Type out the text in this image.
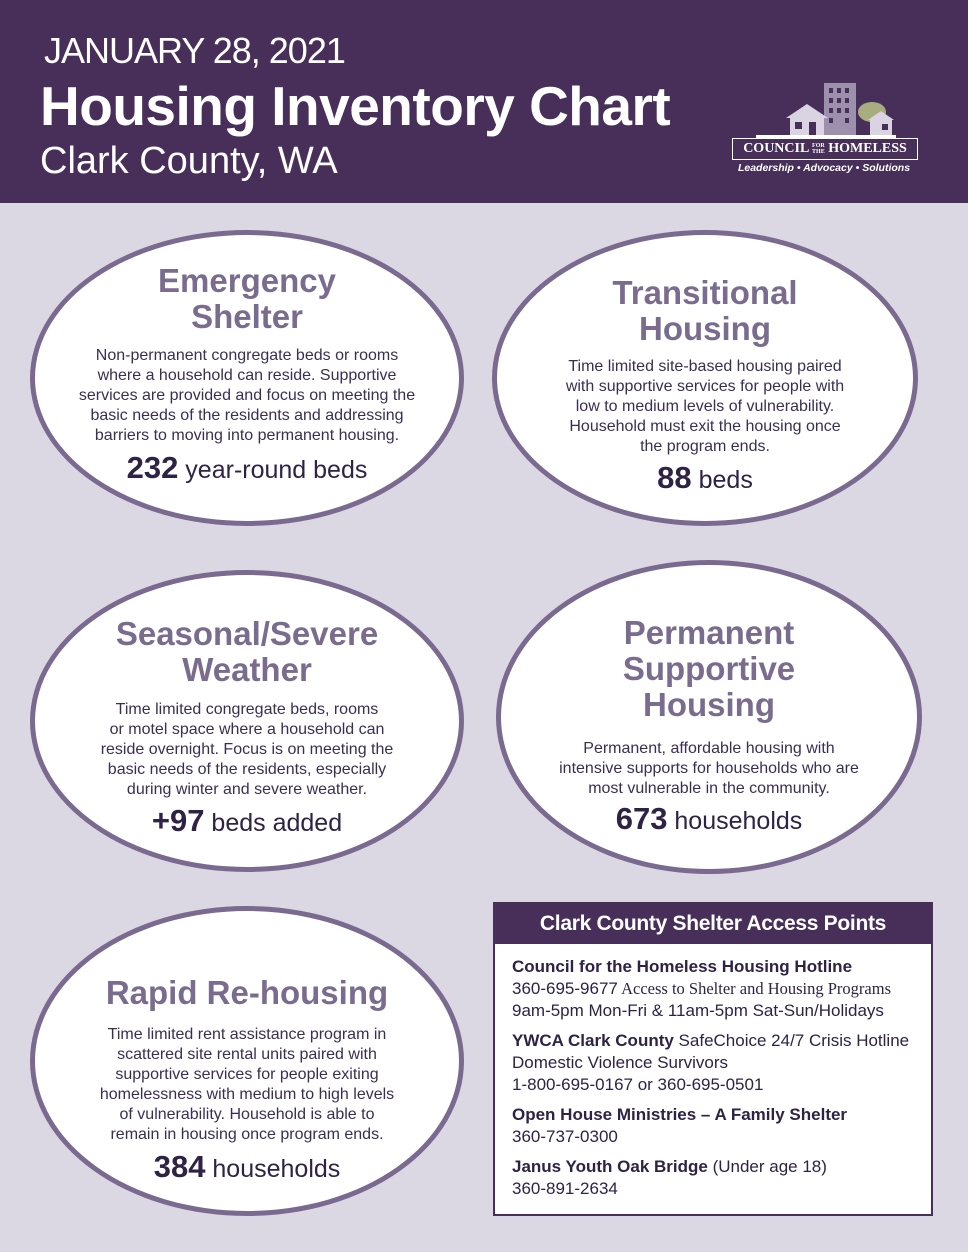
JANUARY 28, 2021
Housing Inventory Chart
Clark County, WA	COUNCIL FOR
THE HOMELESS
Leadership • Advocacy • Solutions
Emergency
Shelter
Non-permanent congregate beds or rooms
where a household can reside. Supportive
services are provided and focus on meeting the
basic needs of the residents and addressing
barriers to moving into permanent housing.
232 year-round beds
Transitional
Housing
Time limited site-based housing paired
with supportive services for people with
low to medium levels of vulnerability.
Household must exit the housing once
the program ends.
88 beds
Seasonal/Severe
Weather
Time limited congregate beds, rooms
or motel space where a household can
reside overnight. Focus is on meeting the
basic needs of the residents, especially
during winter and severe weather.
+97 beds added
Permanent
Supportive
Housing
Permanent, affordable housing with
intensive supports for households who are
most vulnerable in the community.
673 households
Rapid Re-housing
Time limited rent assistance program in
scattered site rental units paired with
supportive services for people exiting
homelessness with medium to high levels
of vulnerability. Household is able to
remain in housing once program ends.
384 households
Clark County Shelter Access Points
Council for the Homeless Housing Hotline
360-695-9677 Access to Shelter and Housing Programs
9am-5pm Mon-Fri & 11am-5pm Sat-Sun/Holidays
YWCA Clark County SafeChoice 24/7 Crisis Hotline
Domestic Violence Survivors
1-800-695-0167 or 360-695-0501
Open House Ministries – A Family Shelter
360-737-0300
Janus Youth Oak Bridge (Under age 18)
360-891-2634
